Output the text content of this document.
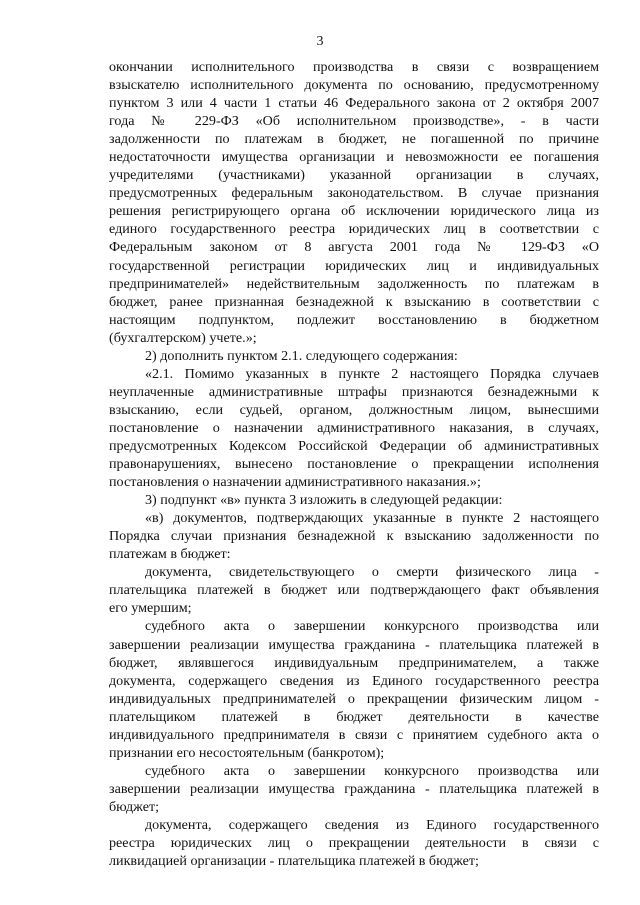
3
окончании исполнительного производства в связи с возвращением
взыскателю исполнительного документа по основанию, предусмотренному
пунктом 3 или 4 части 1 статьи 46 Федерального закона от 2 октября 2007
года № 229-ФЗ «Об исполнительном производстве», - в части
задолженности по платежам в бюджет, не погашенной по причине
недостаточности имущества организации и невозможности ее погашения
учредителями (участниками) указанной организации в случаях,
предусмотренных федеральным законодательством. В случае признания
решения регистрирующего органа об исключении юридического лица из
единого государственного реестра юридических лиц в соответствии с
Федеральным законом от 8 августа 2001 года № 129-ФЗ «О
государственной регистрации юридических лиц и индивидуальных
предпринимателей» недействительным задолженность по платежам в
бюджет, ранее признанная безнадежной к взысканию в соответствии с
настоящим подпунктом, подлежит восстановлению в бюджетном
(бухгалтерском) учете.»;
2) дополнить пунктом 2.1. следующего содержания:
«2.1. Помимо указанных в пункте 2 настоящего Порядка случаев
неуплаченные административные штрафы признаются безнадежными к
взысканию, если судьей, органом, должностным лицом, вынесшими
постановление о назначении административного наказания, в случаях,
предусмотренных Кодексом Российской Федерации об административных
правонарушениях, вынесено постановление о прекращении исполнения
постановления о назначении административного наказания.»;
3) подпункт «в» пункта 3 изложить в следующей редакции:
«в) документов, подтверждающих указанные в пункте 2 настоящего
Порядка случаи признания безнадежной к взысканию задолженности по
платежам в бюджет:
документа, свидетельствующего о смерти физического лица -
плательщика платежей в бюджет или подтверждающего факт объявления
его умершим;
судебного акта о завершении конкурсного производства или
завершении реализации имущества гражданина - плательщика платежей в
бюджет, являвшегося индивидуальным предпринимателем, а также
документа, содержащего сведения из Единого государственного реестра
индивидуальных предпринимателей о прекращении физическим лицом -
плательщиком платежей в бюджет деятельности в качестве
индивидуального предпринимателя в связи с принятием судебного акта о
признании его несостоятельным (банкротом);
судебного акта о завершении конкурсного производства или
завершении реализации имущества гражданина - плательщика платежей в
бюджет;
документа, содержащего сведения из Единого государственного
реестра юридических лиц о прекращении деятельности в связи с
ликвидацией организации - плательщика платежей в бюджет;
